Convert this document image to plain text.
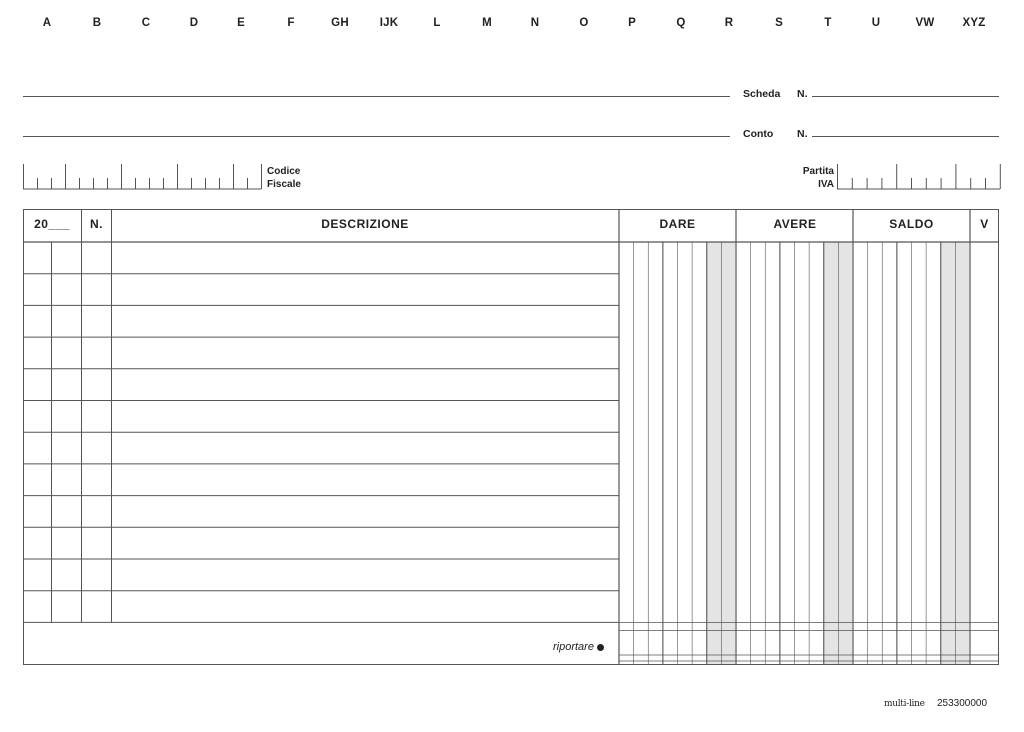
A	B	C	D	E	F	GH	IJK	L	M	N	O	P	Q	R	S	T	U	VW	XYZ
Scheda N.
Conto N.
Codice
Fiscale
Partita
IVA
20___	N.	DESCRIZIONE	DARE	AVERE	SALDO	V
riportare
multi-line 253300000
